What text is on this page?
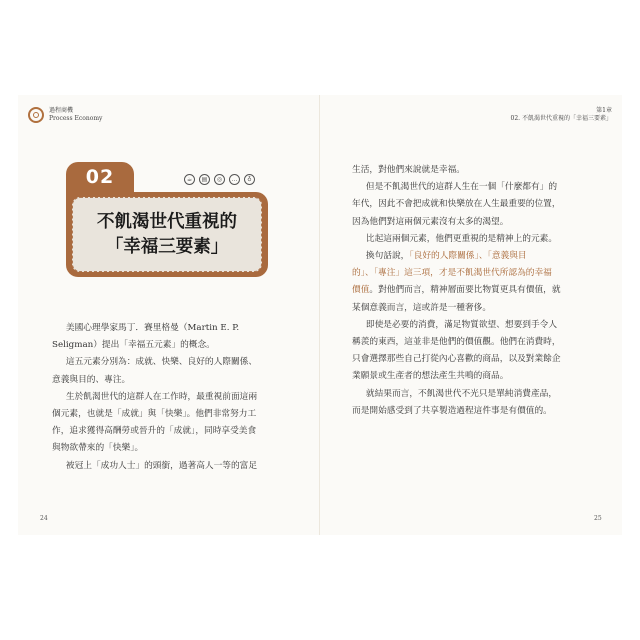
過程商機
Process Economy
第1章
02. 不飢渴世代重視的「幸福三要素」
02	☕	▤	◎	…	♁
不飢渴世代重視的
「幸福三要素」

美國心理學家馬丁．賽里格曼（Martin E. P.

Seligman）提出「幸福五元素」的概念。

這五元素分別為：成就、快樂、良好的人際關係、

意義與目的、專注。

生於飢渴世代的這群人在工作時，最重視前面這兩

個元素，也就是「成就」與「快樂」。他們非常努力工

作，追求獲得高酬勞或晉升的「成就」，同時享受美食

與物欲帶來的「快樂」。

被冠上「成功人士」的頭銜，過著高人一等的富足

生活，對他們來說就是幸福。

但是不飢渴世代的這群人生在一個「什麼都有」的

年代，因此不會把成就和快樂放在人生最重要的位置，

因為他們對這兩個元素沒有太多的渴望。

比起這兩個元素，他們更重視的是精神上的元素。

換句話說，「良好的人際關係」、「意義與目

的」、「專注」這三項，才是不飢渴世代所認為的幸福

價值。對他們而言，精神層面要比物質更具有價值，就

某個意義而言，這或許是一種奢侈。

即使是必要的消費，滿足物質欲望、想要到手令人

稱羨的東西，這並非是他們的價值觀。他們在消費時，

只會選擇那些自己打從內心喜歡的商品，以及對業餘企

業願景或生產者的想法產生共鳴的商品。

就結果而言，不飢渴世代不光只是單純消費產品，

而是開始感受到了共享製造過程這件事是有價值的。

24	25
